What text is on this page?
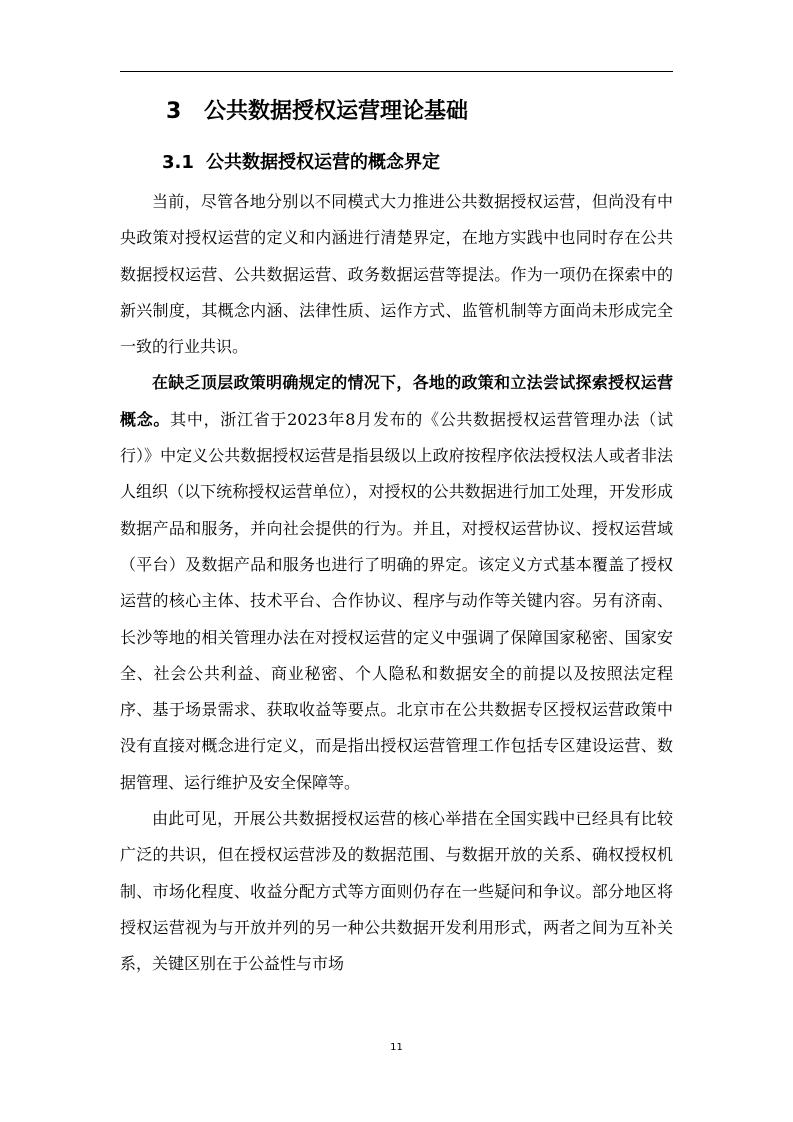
3 公共数据授权运营理论基础
3.1 公共数据授权运营的概念界定

当前，尽管各地分别以不同模式大力推进公共数据授权运营，但尚没有中央政策对授权运营的定义和内涵进行清楚界定，在地方实践中也同时存在公共数据授权运营、公共数据运营、政务数据运营等提法。作为一项仍在探索中的新兴制度，其概念内涵、法律性质、运作方式、监管机制等方面尚未形成完全一致的行业共识。

在缺乏顶层政策明确规定的情况下，各地的政策和立法尝试探索授权运营概念。其中，浙江省于2023年8月发布的《公共数据授权运营管理办法（试行）》中定义公共数据授权运营是指县级以上政府按程序依法授权法人或者非法人组织（以下统称授权运营单位），对授权的公共数据进行加工处理，开发形成数据产品和服务，并向社会提供的行为。并且，对授权运营协议、授权运营域（平台）及数据产品和服务也进行了明确的界定。该定义方式基本覆盖了授权运营的核心主体、技术平台、合作协议、程序与动作等关键内容。另有济南、长沙等地的相关管理办法在对授权运营的定义中强调了保障国家秘密、国家安全、社会公共利益、商业秘密、个人隐私和数据安全的前提以及按照法定程序、基于场景需求、获取收益等要点。北京市在公共数据专区授权运营政策中没有直接对概念进行定义，而是指出授权运营管理工作包括专区建设运营、数据管理、运行维护及安全保障等。

由此可见，开展公共数据授权运营的核心举措在全国实践中已经具有比较广泛的共识，但在授权运营涉及的数据范围、与数据开放的关系、确权授权机制、市场化程度、收益分配方式等方面则仍存在一些疑问和争议。部分地区将授权运营视为与开放并列的另一种公共数据开发利用形式，两者之间为互补关系，关键区别在于公益性与市场

11
